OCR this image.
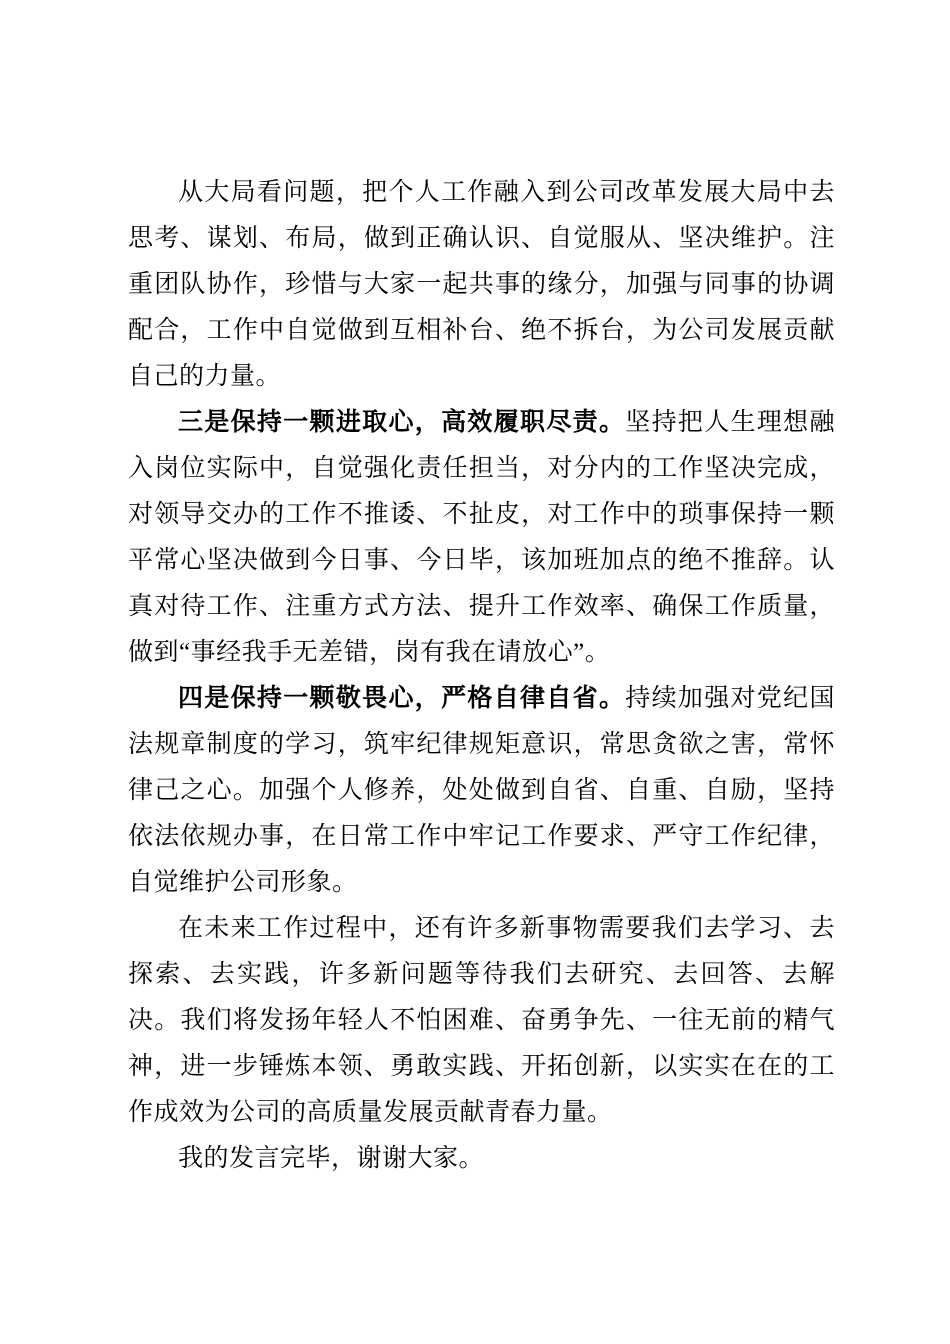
从大局看问题，把个人工作融入到公司改革发展大局中去思考、谋划、布局，做到正确认识、自觉服从、坚决维护。注重团队协作，珍惜与大家一起共事的缘分，加强与同事的协调配合，工作中自觉做到互相补台、绝不拆台，为公司发展贡献自己的力量。

三是保持一颗进取心，高效履职尽责。坚持把人生理想融入岗位实际中，自觉强化责任担当，对分内的工作坚决完成，对领导交办的工作不推诿、不扯皮，对工作中的琐事保持一颗平常心坚决做到今日事、今日毕，该加班加点的绝不推辞。认真对待工作、注重方式方法、提升工作效率、确保工作质量，做到“事经我手无差错，岗有我在请放心”。

四是保持一颗敬畏心，严格自律自省。持续加强对党纪国法规章制度的学习，筑牢纪律规矩意识，常思贪欲之害，常怀律己之心。加强个人修养，处处做到自省、自重、自励，坚持依法依规办事，在日常工作中牢记工作要求、严守工作纪律，自觉维护公司形象。

在未来工作过程中，还有许多新事物需要我们去学习、去探索、去实践，许多新问题等待我们去研究、去回答、去解决。我们将发扬年轻人不怕困难、奋勇争先、一往无前的精气神，进一步锤炼本领、勇敢实践、开拓创新，以实实在在的工作成效为公司的高质量发展贡献青春力量。

我的发言完毕，谢谢大家。
